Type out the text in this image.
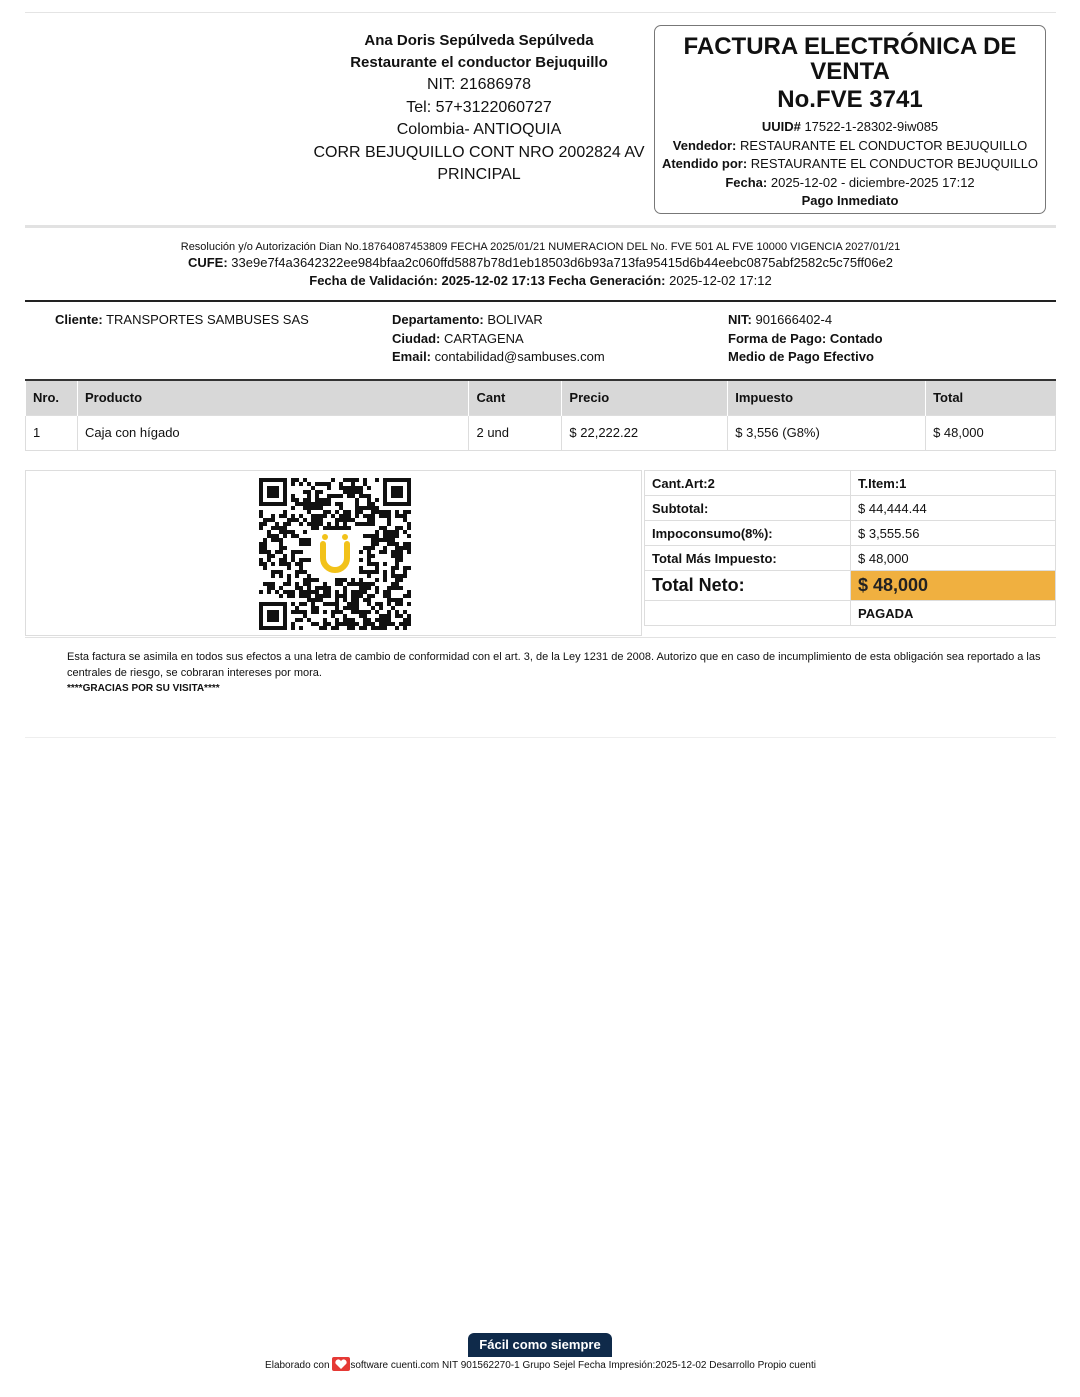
Ana Doris Sepúlveda Sepúlveda
Restaurante el conductor Bejuquillo
NIT: 21686978
Tel: 57+3122060727
Colombia- ANTIOQUIA
CORR BEJUQUILLO CONT NRO 2002824 AV PRINCIPAL
FACTURA ELECTRÓNICA DE VENTA
No.FVE 3741
UUID# 17522-1-28302-9iw085
Vendedor: RESTAURANTE EL CONDUCTOR BEJUQUILLO
Atendido por: RESTAURANTE EL CONDUCTOR BEJUQUILLO
Fecha: 2025-12-02 - diciembre-2025 17:12
Pago Inmediato
Resolución y/o Autorización Dian No.18764087453809 FECHA 2025/01/21 NUMERACION DEL No. FVE 501 AL FVE 10000 VIGENCIA 2027/01/21
CUFE: 33e9e7f4a3642322ee984bfaa2c060ffd5887b78d1eb18503d6b93a713fa95415d6b44eebc0875abf2582c5c75ff06e2
Fecha de Validación: 2025-12-02 17:13 Fecha Generación: 2025-12-02 17:12
Cliente: TRANSPORTES SAMBUSES SAS	Departamento: BOLIVAR
Ciudad: CARTAGENA
Email: contabilidad@sambuses.com
NIT: 901666402-4
Forma de Pago: Contado
Medio de Pago Efectivo
Nro.	Producto	Cant	Precio	Impuesto	Total
1	Caja con hígado	2 und	$ 22,222.22	$ 3,556 (G8%)	$ 48,000
Cant.Art:2	T.Item:1
Subtotal:	$ 44,444.44
Impoconsumo(8%):	$ 3,555.56
Total Más Impuesto:	$ 48,000
Total Neto:	$ 48,000
	PAGADA
Esta factura se asimila en todos sus efectos a una letra de cambio de conformidad con el art. 3, de la Ley 1231 de 2008. Autorizo que en caso de incumplimiento de esta obligación sea reportado a las centrales de riesgo, se cobraran intereses por mora.
****GRACIAS POR SU VISITA****
Fácil como siempre
Elaborado con software cuenti.com NIT 901562270-1 Grupo Sejel Fecha Impresión:2025-12-02 Desarrollo Propio cuenti
